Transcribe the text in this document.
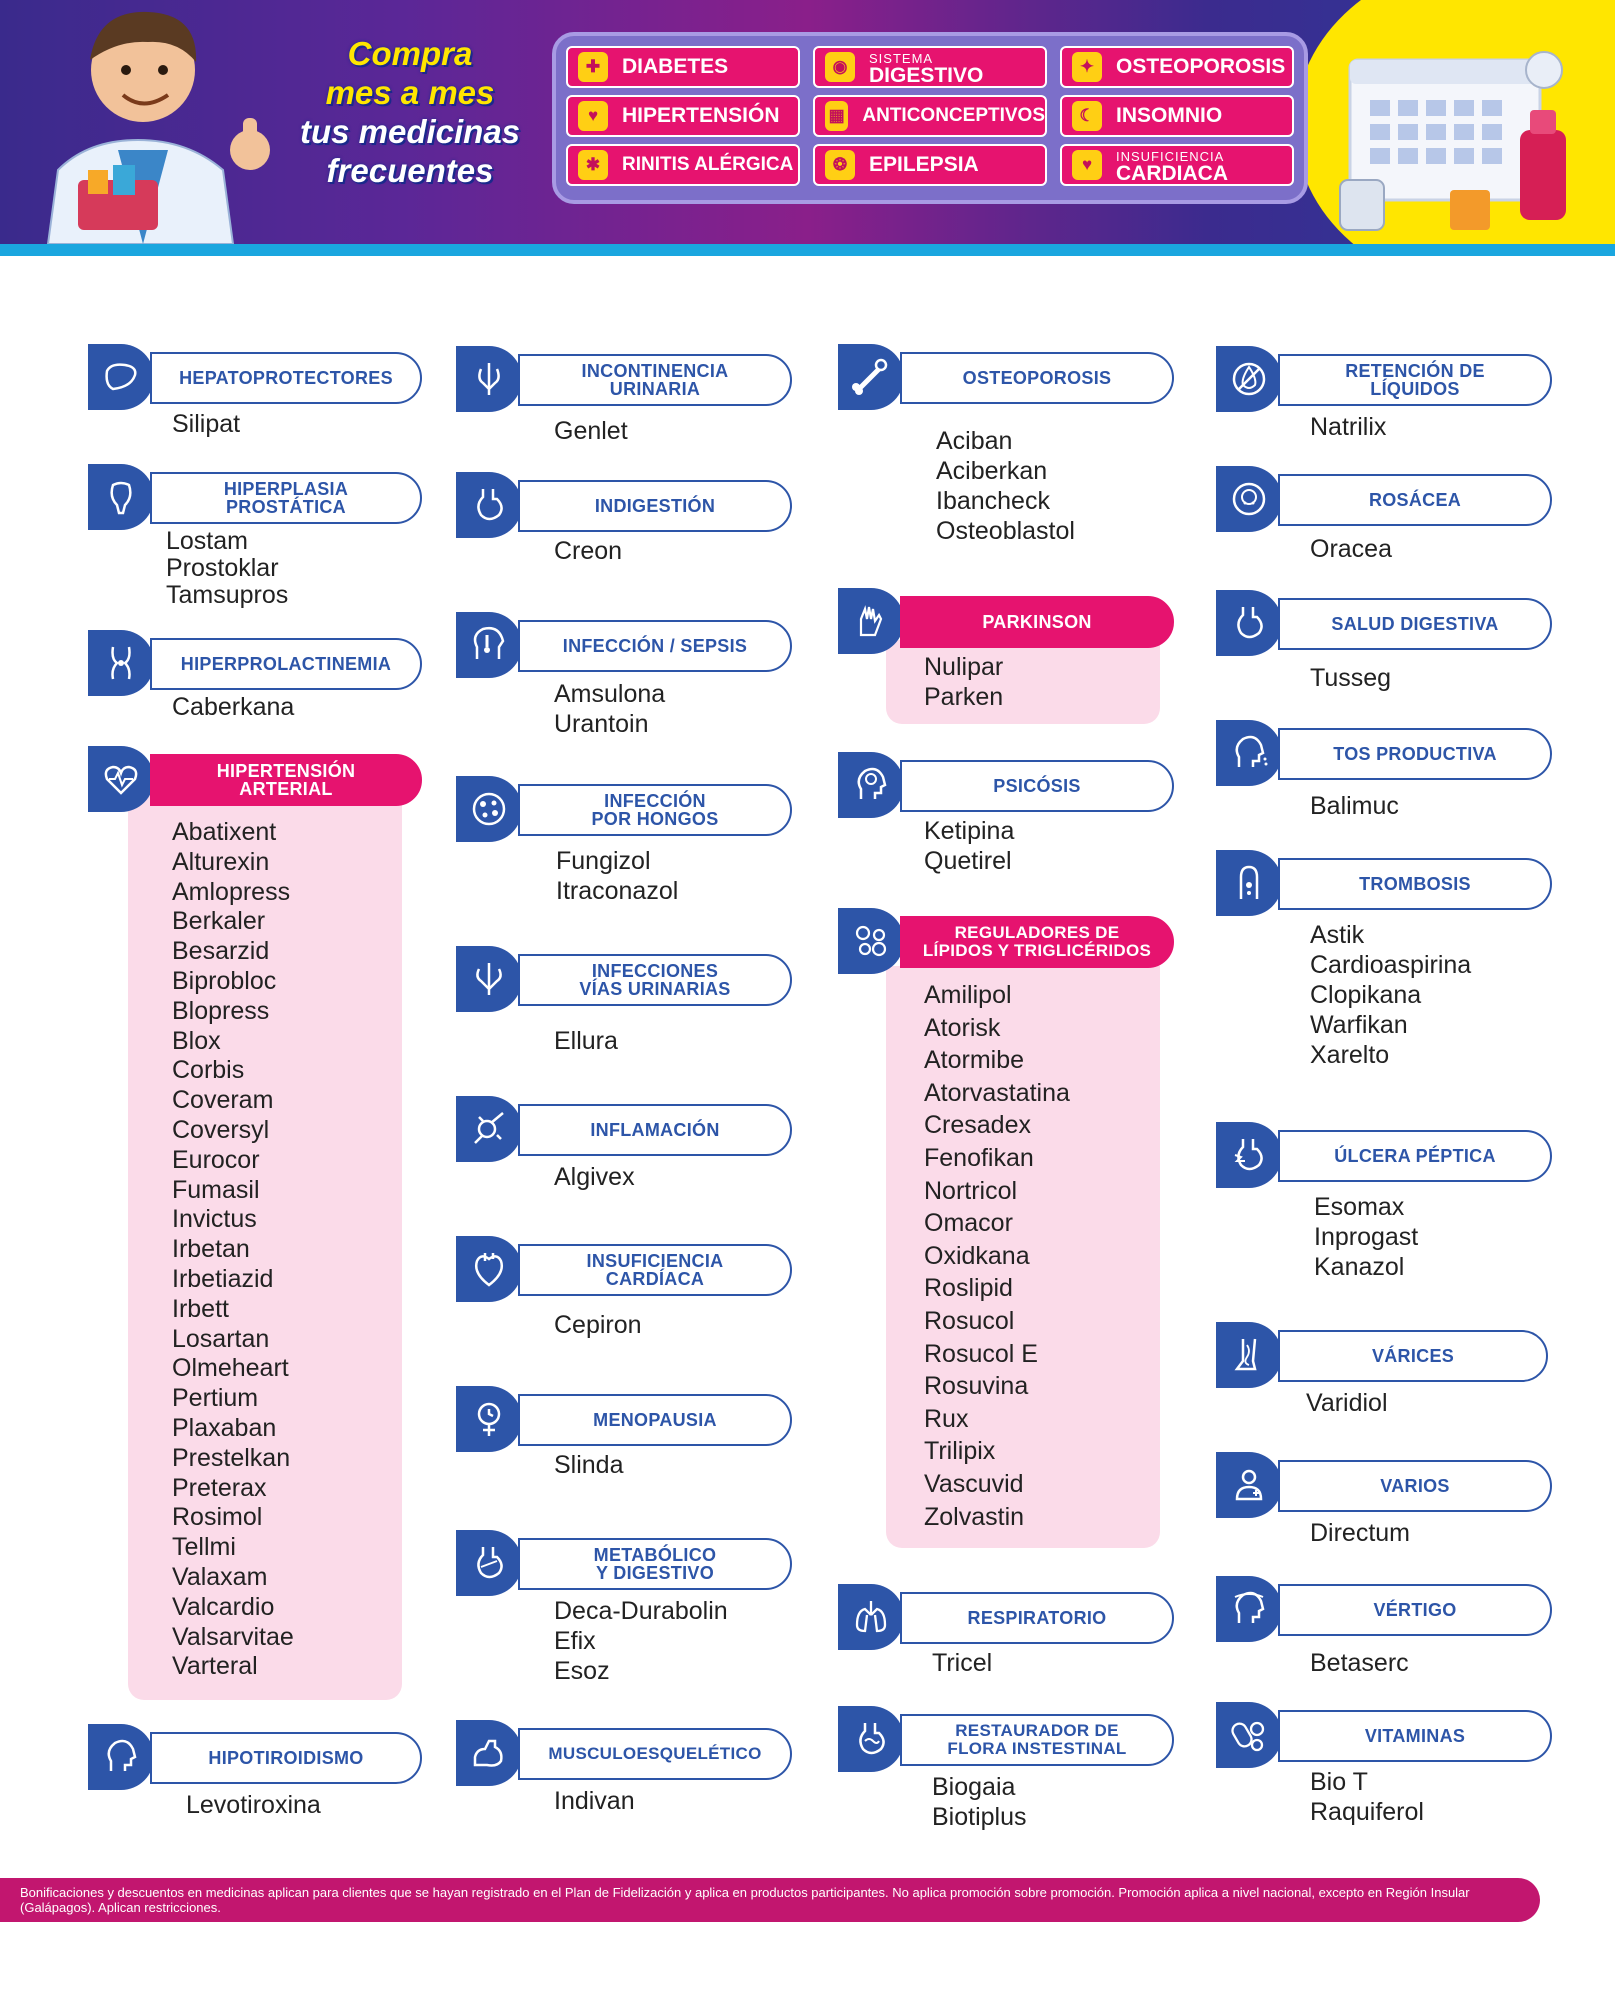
Compra
mes a mes
tus medicinas
frecuentes
✚	DIABETES	◉	SISTEMA
DIGESTIVO	✦	OSTEOPOROSIS
♥	HIPERTENSIÓN	▦ ANTICONCEPTIVOS	☾	INSOMNIO
✱	RINITIS ALÉRGICA	❂	EPILEPSIA	♥	INSUFICIENCIA
CARDIACA
HEPATOPROTECTORES
Silipat
HIPERPLASIA
PROSTÁTICA
Lostam
Prostoklar
Tamsupros
HIPERPROLACTINEMIA
Caberkana
HIPERTENSIÓN
ARTERIAL
Abatixent
Alturexin
Amlopress
Berkaler
Besarzid
Biprobloc
Blopress
Blox
Corbis
Coveram
Coversyl
Eurocor
Fumasil
Invictus
Irbetan
Irbetiazid
Irbett
Losartan
Olmeheart
Pertium
Plaxaban
Prestelkan
Preterax
Rosimol
Tellmi
Valaxam
Valcardio
Valsarvitae
Varteral
HIPOTIROIDISMO
Levotiroxina
INCONTINENCIA
URINARIA
Genlet
INDIGESTIÓN
Creon
INFECCIÓN / SEPSIS
Amsulona
Urantoin
INFECCIÓN
POR HONGOS
Fungizol
Itraconazol
INFECCIONES
VÍAS URINARIAS
Ellura
INFLAMACIÓN
Algivex
INSUFICIENCIA
CARDÍACA
Cepiron
MENOPAUSIA
Slinda
METABÓLICO
Y DIGESTIVO
Deca-Durabolin
Efix
Esoz
MUSCULOESQUELÉTICO
Indivan
OSTEOPOROSIS
Aciban
Aciberkan
Ibancheck
Osteoblastol
PARKINSON
Nulipar
Parken
PSICÓSIS
Ketipina
Quetirel
REGULADORES DE
LÍPIDOS Y TRIGLICÉRIDOS
Amilipol
Atorisk
Atormibe
Atorvastatina
Cresadex
Fenofikan
Nortricol
Omacor
Oxidkana
Roslipid
Rosucol
Rosucol E
Rosuvina
Rux
Trilipix
Vascuvid
Zolvastin
RESPIRATORIO
Tricel
RESTAURADOR DE
FLORA INSTESTINAL
Biogaia
Biotiplus
RETENCIÓN DE
LÍQUIDOS
Natrilix
ROSÁCEA
Oracea
SALUD DIGESTIVA
Tusseg
TOS PRODUCTIVA
Balimuc
TROMBOSIS
Astik
Cardioaspirina
Clopikana
Warfikan
Xarelto
ÚLCERA PÉPTICA
Esomax
Inprogast
Kanazol
VÁRICES
Varidiol
VARIOS
Directum
VÉRTIGO
Betaserc
VITAMINAS
Bio T
Raquiferol
Bonificaciones y descuentos en medicinas aplican para clientes que se hayan registrado en el Plan de Fidelización y aplica en productos participantes. No aplica promoción sobre promoción. Promoción aplica a nivel nacional, excepto en Región Insular (Galápagos). Aplican restricciones.
